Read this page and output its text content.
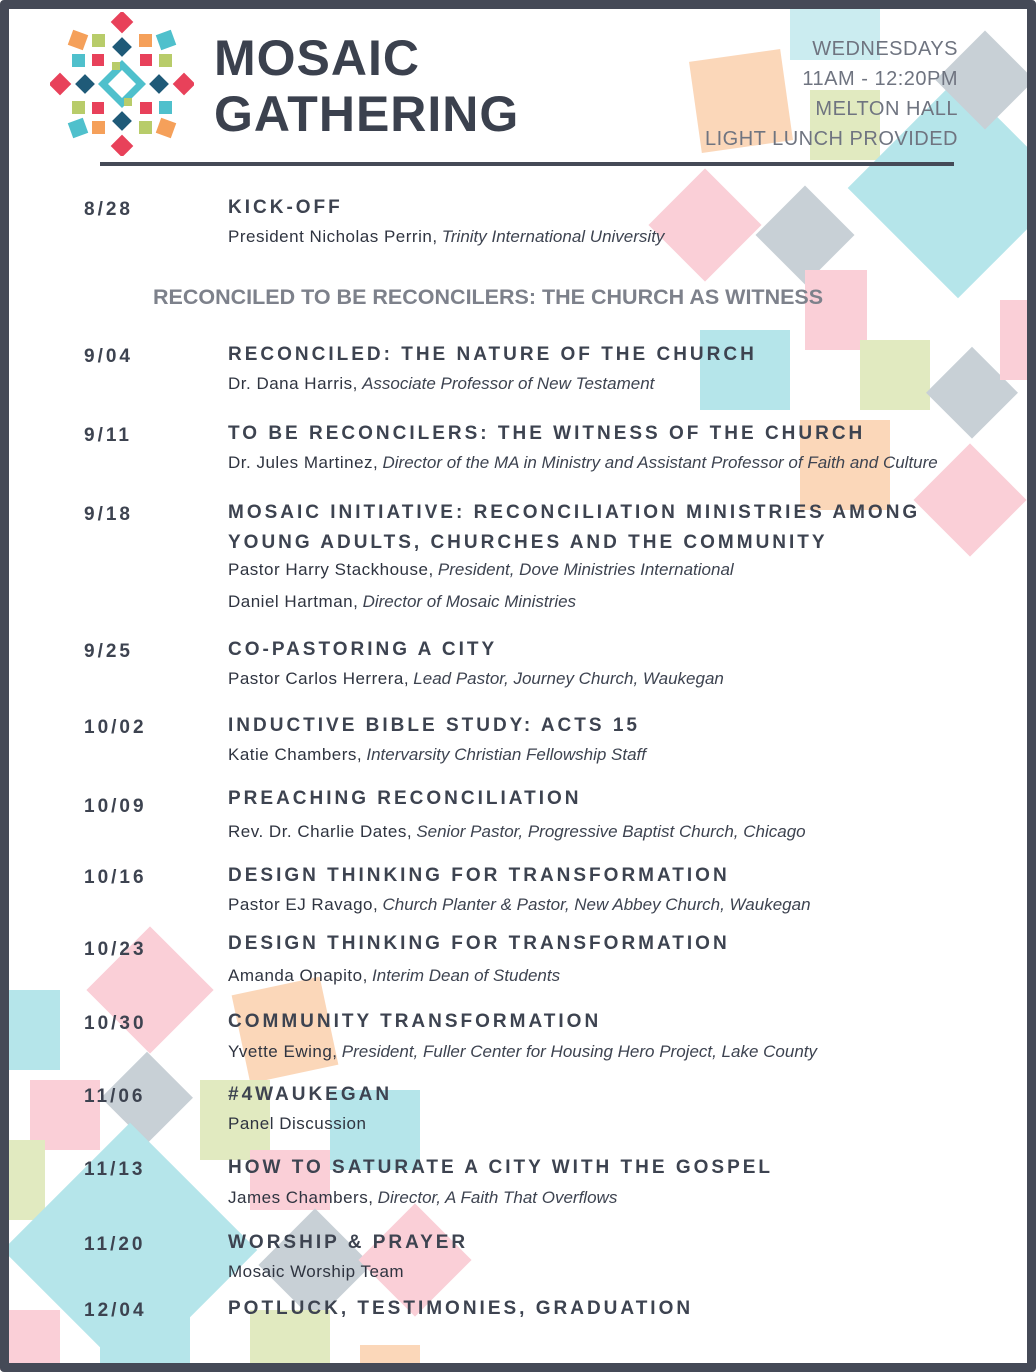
MOSAIC
GATHERING
WEDNESDAYS
11AM - 12:20PM
MELTON HALL
LIGHT LUNCH PROVIDED
RECONCILED TO BE RECONCILERS: THE CHURCH AS WITNESS
8/28	KICK-OFF
President Nicholas Perrin, Trinity International University
9/04	RECONCILED: THE NATURE OF THE CHURCH
Dr. Dana Harris, Associate Professor of New Testament
9/11	TO BE RECONCILERS: THE WITNESS OF THE CHURCH
Dr. Jules Martinez, Director of the MA in Ministry and Assistant Professor of Faith and Culture
9/18	MOSAIC INITIATIVE: RECONCILIATION MINISTRIES AMONG
YOUNG ADULTS, CHURCHES AND THE COMMUNITY
Pastor Harry Stackhouse, President, Dove Ministries International
Daniel Hartman, Director of Mosaic Ministries
9/25	CO-PASTORING A CITY
Pastor Carlos Herrera, Lead Pastor, Journey Church, Waukegan
10/02	INDUCTIVE BIBLE STUDY: ACTS 15
Katie Chambers, Intervarsity Christian Fellowship Staff
10/09	PREACHING RECONCILIATION
Rev. Dr. Charlie Dates, Senior Pastor, Progressive Baptist Church, Chicago
10/16	DESIGN THINKING FOR TRANSFORMATION
Pastor EJ Ravago, Church Planter & Pastor, New Abbey Church, Waukegan
10/23	DESIGN THINKING FOR TRANSFORMATION
Amanda Onapito, Interim Dean of Students
10/30	COMMUNITY TRANSFORMATION
Yvette Ewing, President, Fuller Center for Housing Hero Project, Lake County
11/06	#4WAUKEGAN
Panel Discussion
11/13	HOW TO SATURATE A CITY WITH THE GOSPEL
James Chambers, Director, A Faith That Overflows
11/20	WORSHIP & PRAYER
Mosaic Worship Team
12/04	POTLUCK, TESTIMONIES, GRADUATION
